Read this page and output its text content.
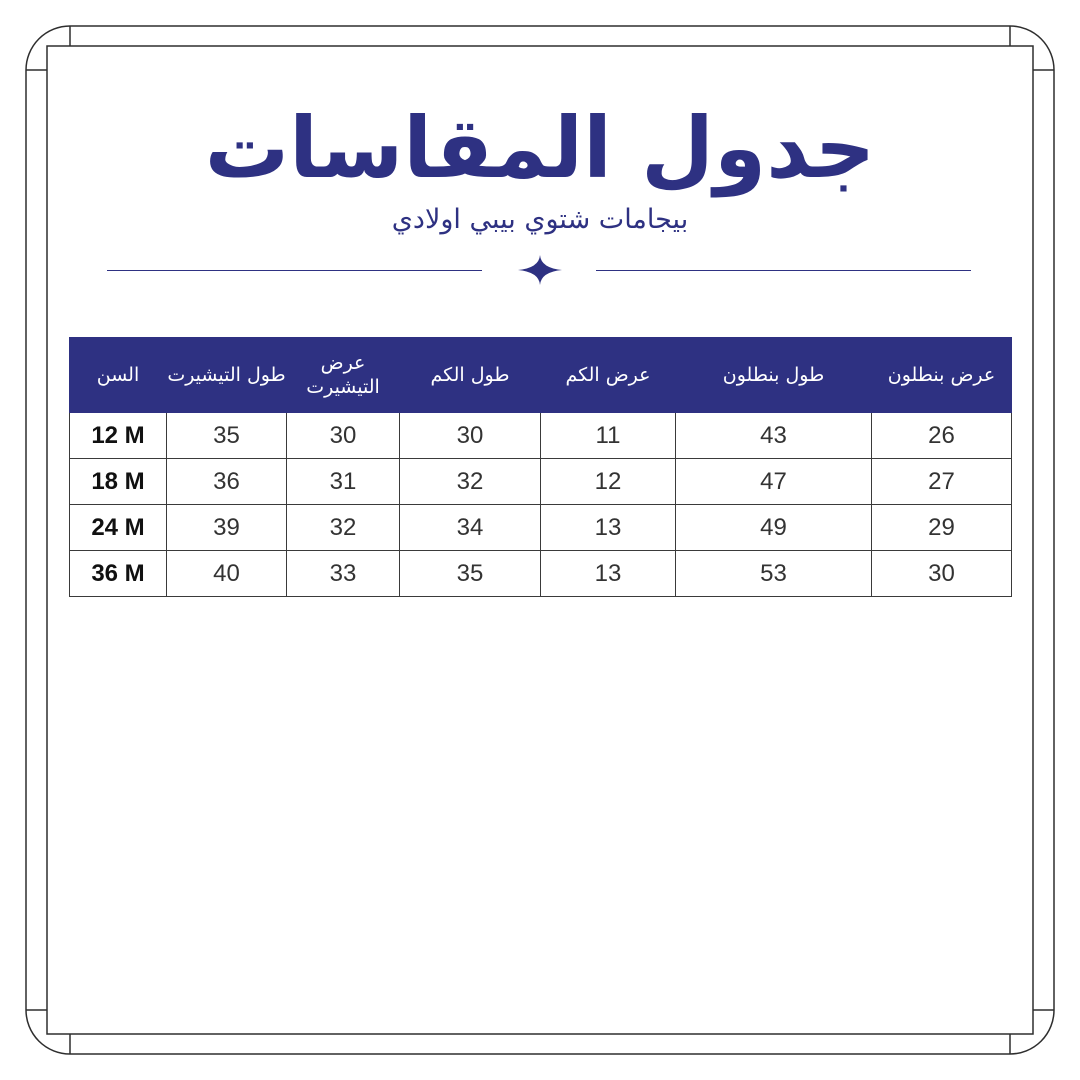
جدول المقاسات
بيجامات شتوي بيبي اولادي
السن	طول التيشيرت	عرض التيشيرت	طول الكم	عرض الكم	طول بنطلون	عرض بنطلون
12 M	35	30	30	11	43	26
18 M	36	31	32	12	47	27
24 M	39	32	34	13	49	29
36 M	40	33	35	13	53	30
